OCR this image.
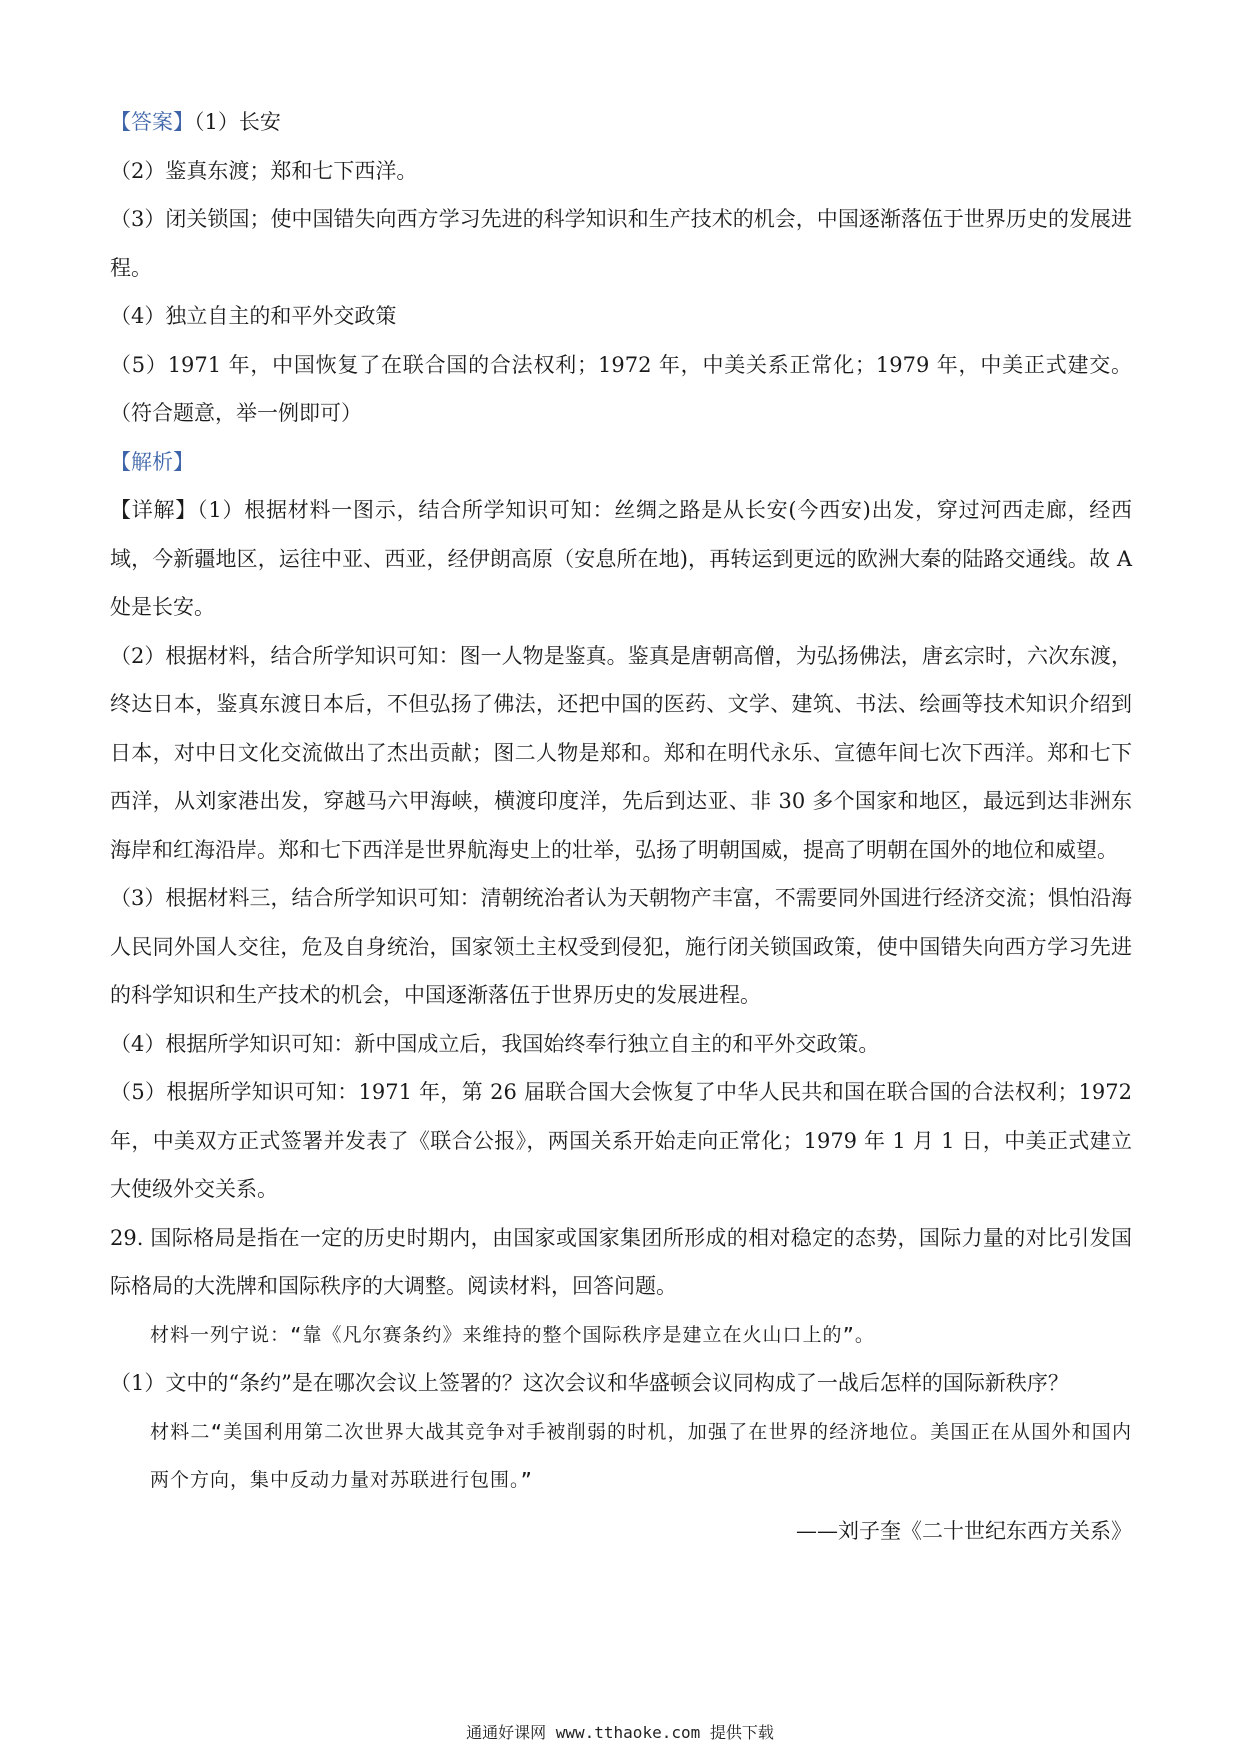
【答案】（1）长安

（2）鉴真东渡；郑和七下西洋。

（3）闭关锁国；使中国错失向西方学习先进的科学知识和生产技术的机会，中国逐渐落伍于世界历史的发展进程。

（4）独立自主的和平外交政策

（5）1971 年，中国恢复了在联合国的合法权利；1972 年，中美关系正常化；1979 年，中美正式建交。（符合题意，举一例即可）

【解析】

【详解】（1）根据材料一图示，结合所学知识可知：丝绸之路是从长安(今西安)出发，穿过河西走廊，经西域，今新疆地区，运往中亚、西亚，经伊朗高原（安息所在地)，再转运到更远的欧洲大秦的陆路交通线。故 A 处是长安。

（2）根据材料，结合所学知识可知：图一人物是鉴真。鉴真是唐朝高僧，为弘扬佛法，唐玄宗时，六次东渡，终达日本，鉴真东渡日本后，不但弘扬了佛法，还把中国的医药、文学、建筑、书法、绘画等技术知识介绍到日本，对中日文化交流做出了杰出贡献；图二人物是郑和。郑和在明代永乐、宣德年间七次下西洋。郑和七下西洋，从刘家港出发，穿越马六甲海峡，横渡印度洋，先后到达亚、非 30 多个国家和地区，最远到达非洲东海岸和红海沿岸。郑和七下西洋是世界航海史上的壮举，弘扬了明朝国威，提高了明朝在国外的地位和威望。

（3）根据材料三，结合所学知识可知：清朝统治者认为天朝物产丰富，不需要同外国进行经济交流；惧怕沿海人民同外国人交往，危及自身统治，国家领土主权受到侵犯，施行闭关锁国政策，使中国错失向西方学习先进的科学知识和生产技术的机会，中国逐渐落伍于世界历史的发展进程。

（4）根据所学知识可知：新中国成立后，我国始终奉行独立自主的和平外交政策。

（5）根据所学知识可知：1971 年，第 26 届联合国大会恢复了中华人民共和国在联合国的合法权利；1972 年，中美双方正式签署并发表了《联合公报》，两国关系开始走向正常化；1979 年 1 月 1 日，中美正式建立大使级外交关系。

29. 国际格局是指在一定的历史时期内，由国家或国家集团所形成的相对稳定的态势，国际力量的对比引发国际格局的大洗牌和国际秩序的大调整。阅读材料，回答问题。

材料一列宁说：“靠《凡尔赛条约》来维持的整个国际秩序是建立在火山口上的”。

（1）文中的“条约”是在哪次会议上签署的？这次会议和华盛顿会议同构成了一战后怎样的国际新秩序？

材料二“美国利用第二次世界大战其竞争对手被削弱的时机，加强了在世界的经济地位。美国正在从国外和国内两个方向，集中反动力量对苏联进行包围。”

——刘子奎《二十世纪东西方关系》

通通好课网 www.tthaoke.com 提供下载
